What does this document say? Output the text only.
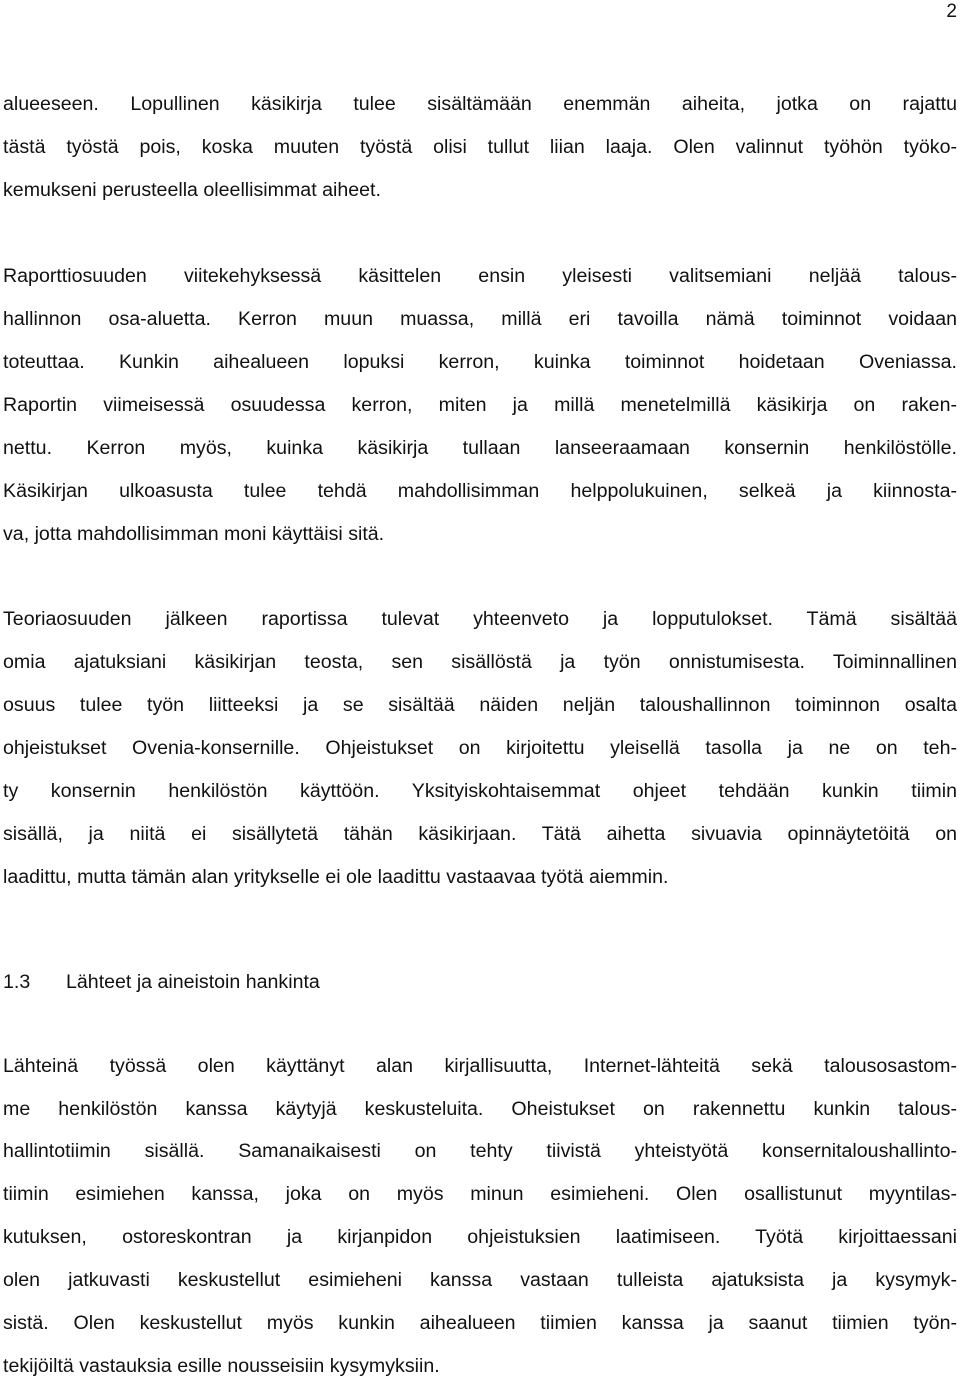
2
alueeseen. Lopullinen käsikirja tulee sisältämään enemmän aiheita, jotka on rajattu
tästä työstä pois, koska muuten työstä olisi tullut liian laaja. Olen valinnut työhön työko-
kemukseni perusteella oleellisimmat aiheet.
Raporttiosuuden viitekehyksessä käsittelen ensin yleisesti valitsemiani neljää talous-
hallinnon osa-aluetta. Kerron muun muassa, millä eri tavoilla nämä toiminnot voidaan
toteuttaa. Kunkin aihealueen lopuksi kerron, kuinka toiminnot hoidetaan Oveniassa.
Raportin viimeisessä osuudessa kerron, miten ja millä menetelmillä käsikirja on raken-
nettu. Kerron myös, kuinka käsikirja tullaan lanseeraamaan konsernin henkilöstölle.
Käsikirjan ulkoasusta tulee tehdä mahdollisimman helppolukuinen, selkeä ja kiinnosta-
va, jotta mahdollisimman moni käyttäisi sitä.
Teoriaosuuden jälkeen raportissa tulevat yhteenveto ja lopputulokset. Tämä sisältää
omia ajatuksiani käsikirjan teosta, sen sisällöstä ja työn onnistumisesta. Toiminnallinen
osuus tulee työn liitteeksi ja se sisältää näiden neljän taloushallinnon toiminnon osalta
ohjeistukset Ovenia-konsernille. Ohjeistukset on kirjoitettu yleisellä tasolla ja ne on teh-
ty konsernin henkilöstön käyttöön. Yksityiskohtaisemmat ohjeet tehdään kunkin tiimin
sisällä, ja niitä ei sisällytetä tähän käsikirjaan. Tätä aihetta sivuavia opinnäytetöitä on
laadittu, mutta tämän alan yritykselle ei ole laadittu vastaavaa työtä aiemmin.
1.3 Lähteet ja aineistoin hankinta
Lähteinä työssä olen käyttänyt alan kirjallisuutta, Internet-lähteitä sekä talousosastom-
me henkilöstön kanssa käytyjä keskusteluita. Oheistukset on rakennettu kunkin talous-
hallintotiimin sisällä. Samanaikaisesti on tehty tiivistä yhteistyötä konsernitaloushallinto-
tiimin esimiehen kanssa, joka on myös minun esimieheni. Olen osallistunut myyntilas-
kutuksen, ostoreskontran ja kirjanpidon ohjeistuksien laatimiseen. Työtä kirjoittaessani
olen jatkuvasti keskustellut esimieheni kanssa vastaan tulleista ajatuksista ja kysymyk-
sistä. Olen keskustellut myös kunkin aihealueen tiimien kanssa ja saanut tiimien työn-
tekijöiltä vastauksia esille nousseisiin kysymyksiin.
